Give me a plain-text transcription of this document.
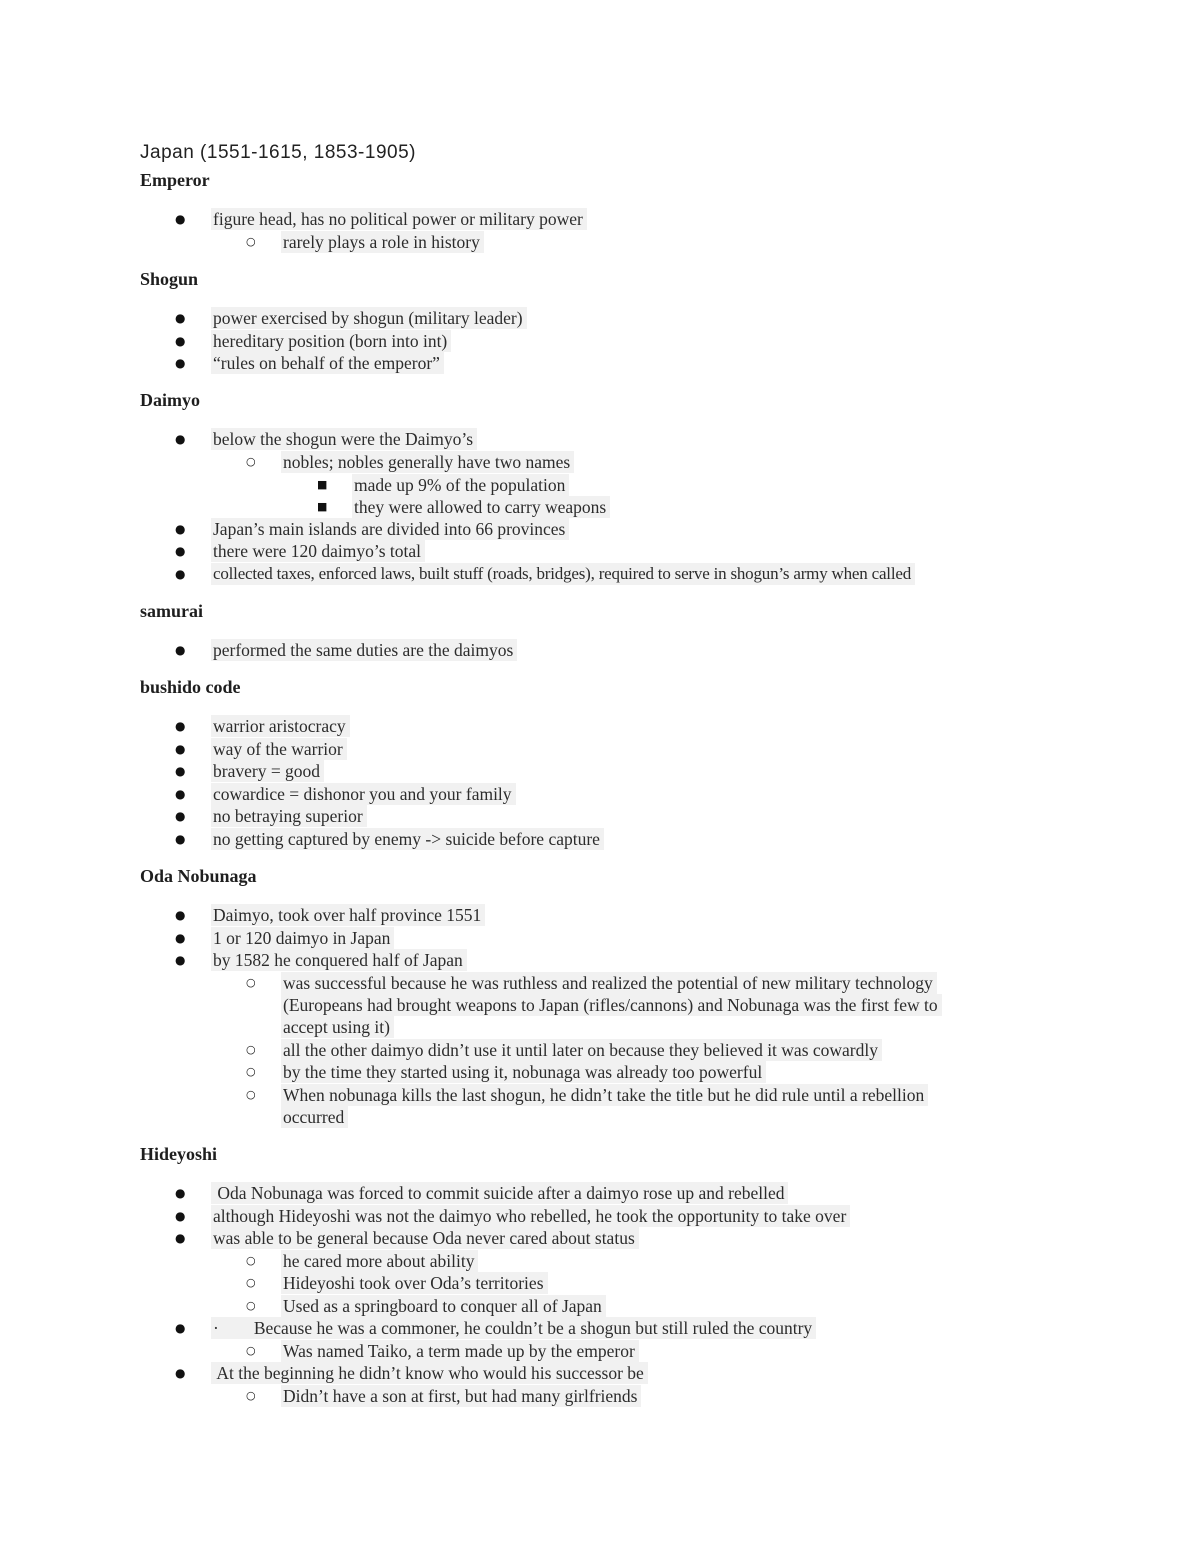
Japan (1551-1615, 1853-1905)
Emperor
● figure head, has no political power or military power
○ rarely plays a role in history
Shogun
● power exercised by shogun (military leader)
● hereditary position (born into int)
● “rules on behalf of the emperor”
Daimyo
● below the shogun were the Daimyo’s
○ nobles; nobles generally have two names
■ made up 9% of the population
■ they were allowed to carry weapons
● Japan’s main islands are divided into 66 provinces
● there were 120 daimyo’s total
● collected taxes, enforced laws, built stuff (roads, bridges), required to serve in shogun’s army when called
samurai
● performed the same duties are the daimyos
bushido code
● warrior aristocracy
● way of the warrior
● bravery = good
● cowardice = dishonor you and your family
● no betraying superior
● no getting captured by enemy -> suicide before capture
Oda Nobunaga
● Daimyo, took over half province 1551
● 1 or 120 daimyo in Japan
● by 1582 he conquered half of Japan
○ was successful because he was ruthless and realized the potential of new military technology
(Europeans had brought weapons to Japan (rifles/cannons) and Nobunaga was the first few to
accept using it)
○ all the other daimyo didn’t use it until later on because they believed it was cowardly
○ by the time they started using it, nobunaga was already too powerful
○ When nobunaga kills the last shogun, he didn’t take the title but he did rule until a rebellion
occurred
Hideyoshi
● Oda Nobunaga was forced to commit suicide after a daimyo rose up and rebelled
● although Hideyoshi was not the daimyo who rebelled, he took the opportunity to take over
● was able to be general because Oda never cared about status
○ he cared more about ability
○ Hideyoshi took over Oda’s territories
○ Used as a springboard to conquer all of Japan
● ·        Because he was a commoner, he couldn’t be a shogun but still ruled the country
○ Was named Taiko, a term made up by the emperor
● At the beginning he didn’t know who would his successor be
○ Didn’t have a son at first, but had many girlfriends
